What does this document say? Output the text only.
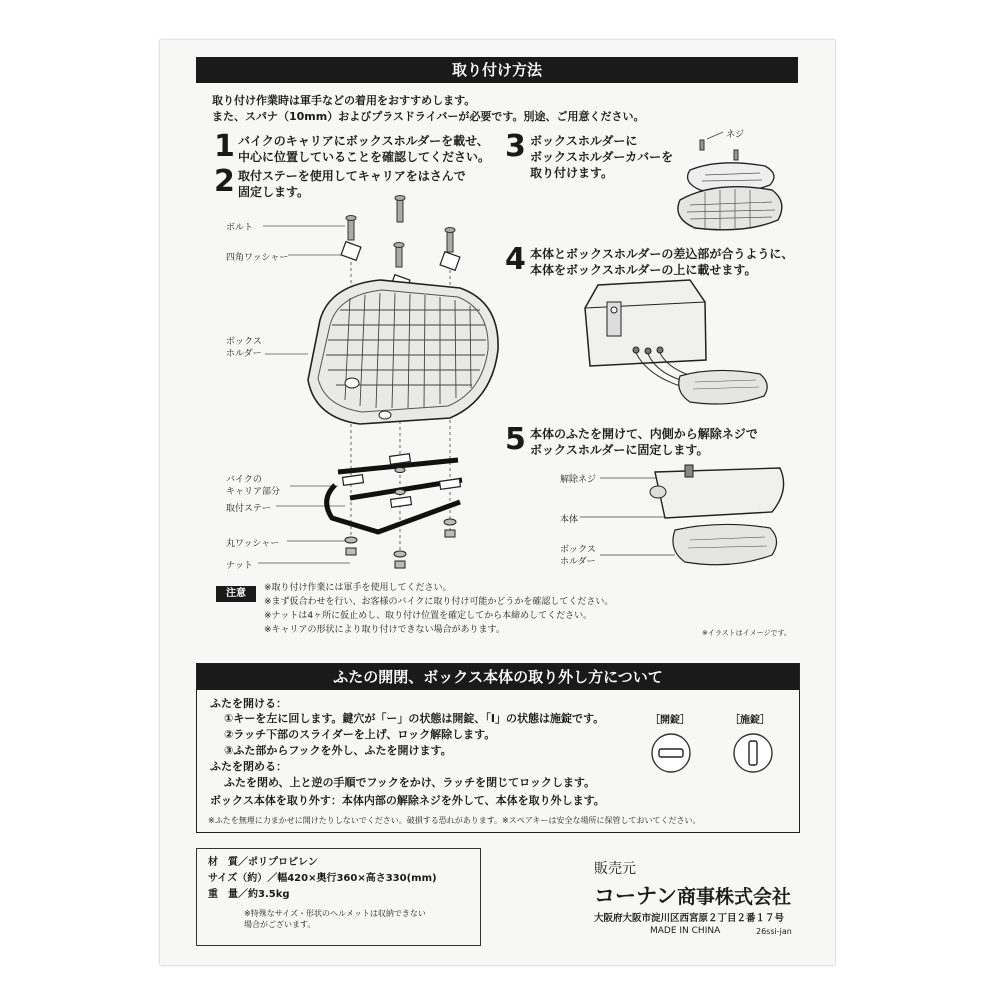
取り付け方法
取り付け作業時は軍手などの着用をおすすめします。
また、スパナ（10mm）およびプラスドライバーが必要です。別途、ご用意ください。
1 バイクのキャリアにボックスホルダーを載せ、
中心に位置していることを確認してください。
2 取付ステーを使用してキャリアをはさんで
固定します。
3 ボックスホルダーに
ボックスホルダーカバーを
取り付けます。
4 本体とボックスホルダーの差込部が合うように、
本体をボックスホルダーの上に載せます。
5 本体のふたを開けて、内側から解除ネジで
ボックスホルダーに固定します。
ボルト
四角ワッシャー
ボックス
ホルダー
バイクの
キャリア部分
取付ステー
丸ワッシャー
ナット
ネジ
解除ネジ
本体
ボックス
ホルダー
注意	※取り付け作業には軍手を使用してください。
※まず仮合わせを行い、お客様のバイクに取り付け可能かどうかを確認してください。
※ナットは4ヶ所に仮止めし、取り付け位置を確定してから本締めしてください。
※キャリアの形状により取り付けできない場合があります。	※イラストはイメージです。
ふたの開閉、ボックス本体の取り外し方について
ふたを開ける：
①キーを左に回します。鍵穴が「ー」の状態は開錠、「I」の状態は施錠です。
②ラッチ下部のスライダーを上げ、ロック解除します。
③ふた部からフックを外し、ふたを開けます。
ふたを閉める：
ふたを閉め、上と逆の手順でフックをかけ、ラッチを閉じてロックします。
ボックス本体を取り外す：本体内部の解除ネジを外して、本体を取り外します。
※ふたを無理に力まかせに開けたりしないでください。破損する恐れがあります。※スペアキーは安全な場所に保管しておいてください。
［開錠］	［施錠］
材　質／ポリプロピレン
サイズ（約）／幅420×奥行360×高さ330(mm)
重　量／約3.5kg
※特殊なサイズ・形状のヘルメットは収納できない
場合がございます。
販売元
コーナン商事株式会社
大阪府大阪市淀川区西宮原２丁目２番１７号
MADE IN CHINA	26ssi-jan
